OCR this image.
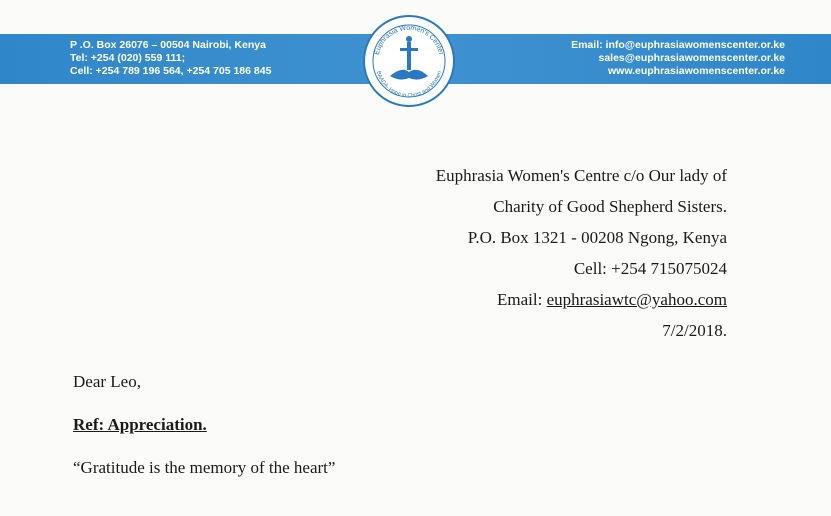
P .O. Box 26076 – 00504 Nairobi, Kenya
Tel: +254 (020) 559 111;
Cell: +254 789 196 564, +254 705 186 845
Email: info@euphrasiawomenscenter.or.ke
sales@euphrasiawomenscenter.or.ke
www.euphrasiawomenscenter.or.ke
Euphrasia Women's Center
BAADA- Hope in Christ and Women
Euphrasia Women's Centre c/o Our lady of
Charity of Good Shepherd Sisters.
P.O. Box 1321 - 00208 Ngong, Kenya
Cell: +254 715075024
Email: euphrasiawtc@yahoo.com
7/2/2018.
Dear Leo,
Ref: Appreciation.
“Gratitude is the memory of the heart”
